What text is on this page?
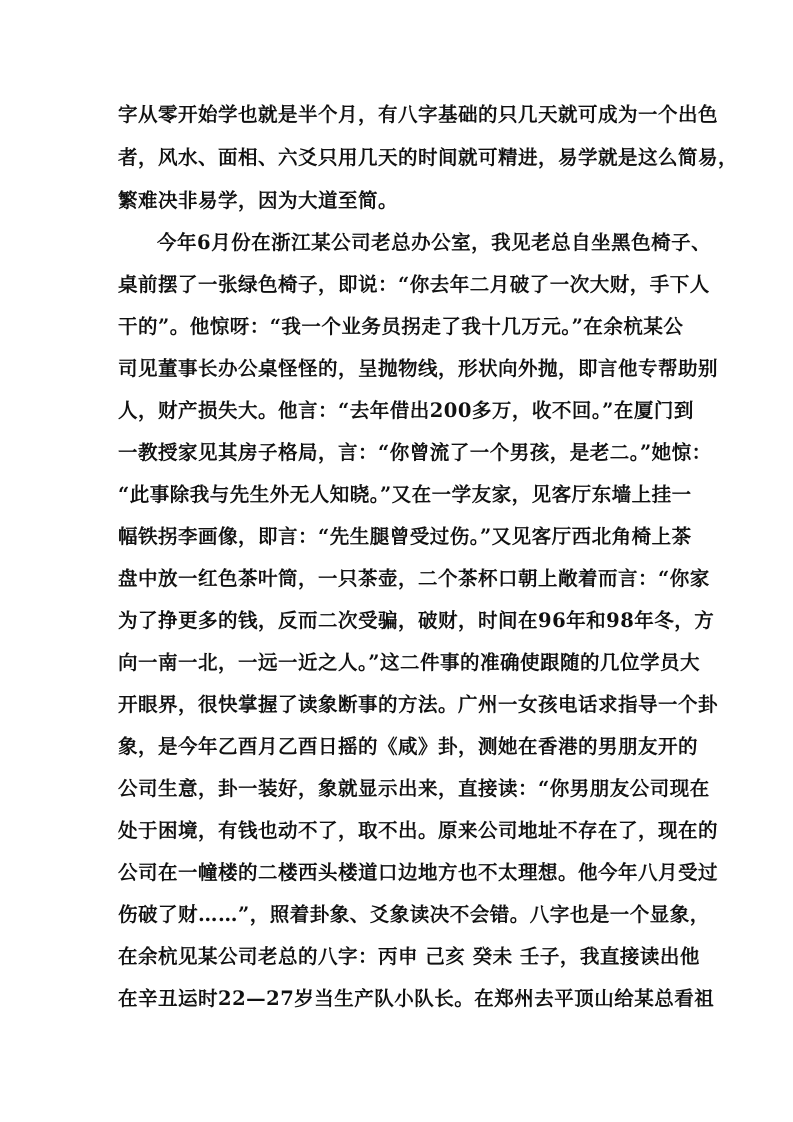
字从零开始学也就是半个月，有八字基础的只几天就可成为一个出色
者，风水、面相、六爻只用几天的时间就可精进，易学就是这么简易，
繁难决非易学，因为大道至简。
今年6月份在浙江某公司老总办公室，我见老总自坐黑色椅子、
桌前摆了一张绿色椅子，即说：“你去年二月破了一次大财，手下人
干的”。他惊呀：“我一个业务员拐走了我十几万元。”在余杭某公
司见董事长办公桌怪怪的，呈抛物线，形状向外抛，即言他专帮助别
人，财产损失大。他言：“去年借出200多万，收不回。”在厦门到
一教授家见其房子格局，言：“你曾流了一个男孩，是老二。”她惊：
“此事除我与先生外无人知晓。”又在一学友家，见客厅东墙上挂一
幅铁拐李画像，即言：“先生腿曾受过伤。”又见客厅西北角椅上茶
盘中放一红色茶叶筒，一只茶壶，二个茶杯口朝上敞着而言：“你家
为了挣更多的钱，反而二次受骗，破财，时间在96年和98年冬，方
向一南一北，一远一近之人。”这二件事的准确使跟随的几位学员大
开眼界，很快掌握了读象断事的方法。广州一女孩电话求指导一个卦
象，是今年乙酉月乙酉日摇的《咸》卦，测她在香港的男朋友开的
公司生意，卦一装好，象就显示出来，直接读：“你男朋友公司现在
处于困境，有钱也动不了，取不出。原来公司地址不存在了，现在的
公司在一幢楼的二楼西头楼道口边地方也不太理想。他今年八月受过
伤破了财……”，照着卦象、爻象读决不会错。八字也是一个显象，
在余杭见某公司老总的八字：丙申 己亥 癸未 壬子，我直接读出他
在辛丑运时22—27岁当生产队小队长。在郑州去平顶山给某总看祖
